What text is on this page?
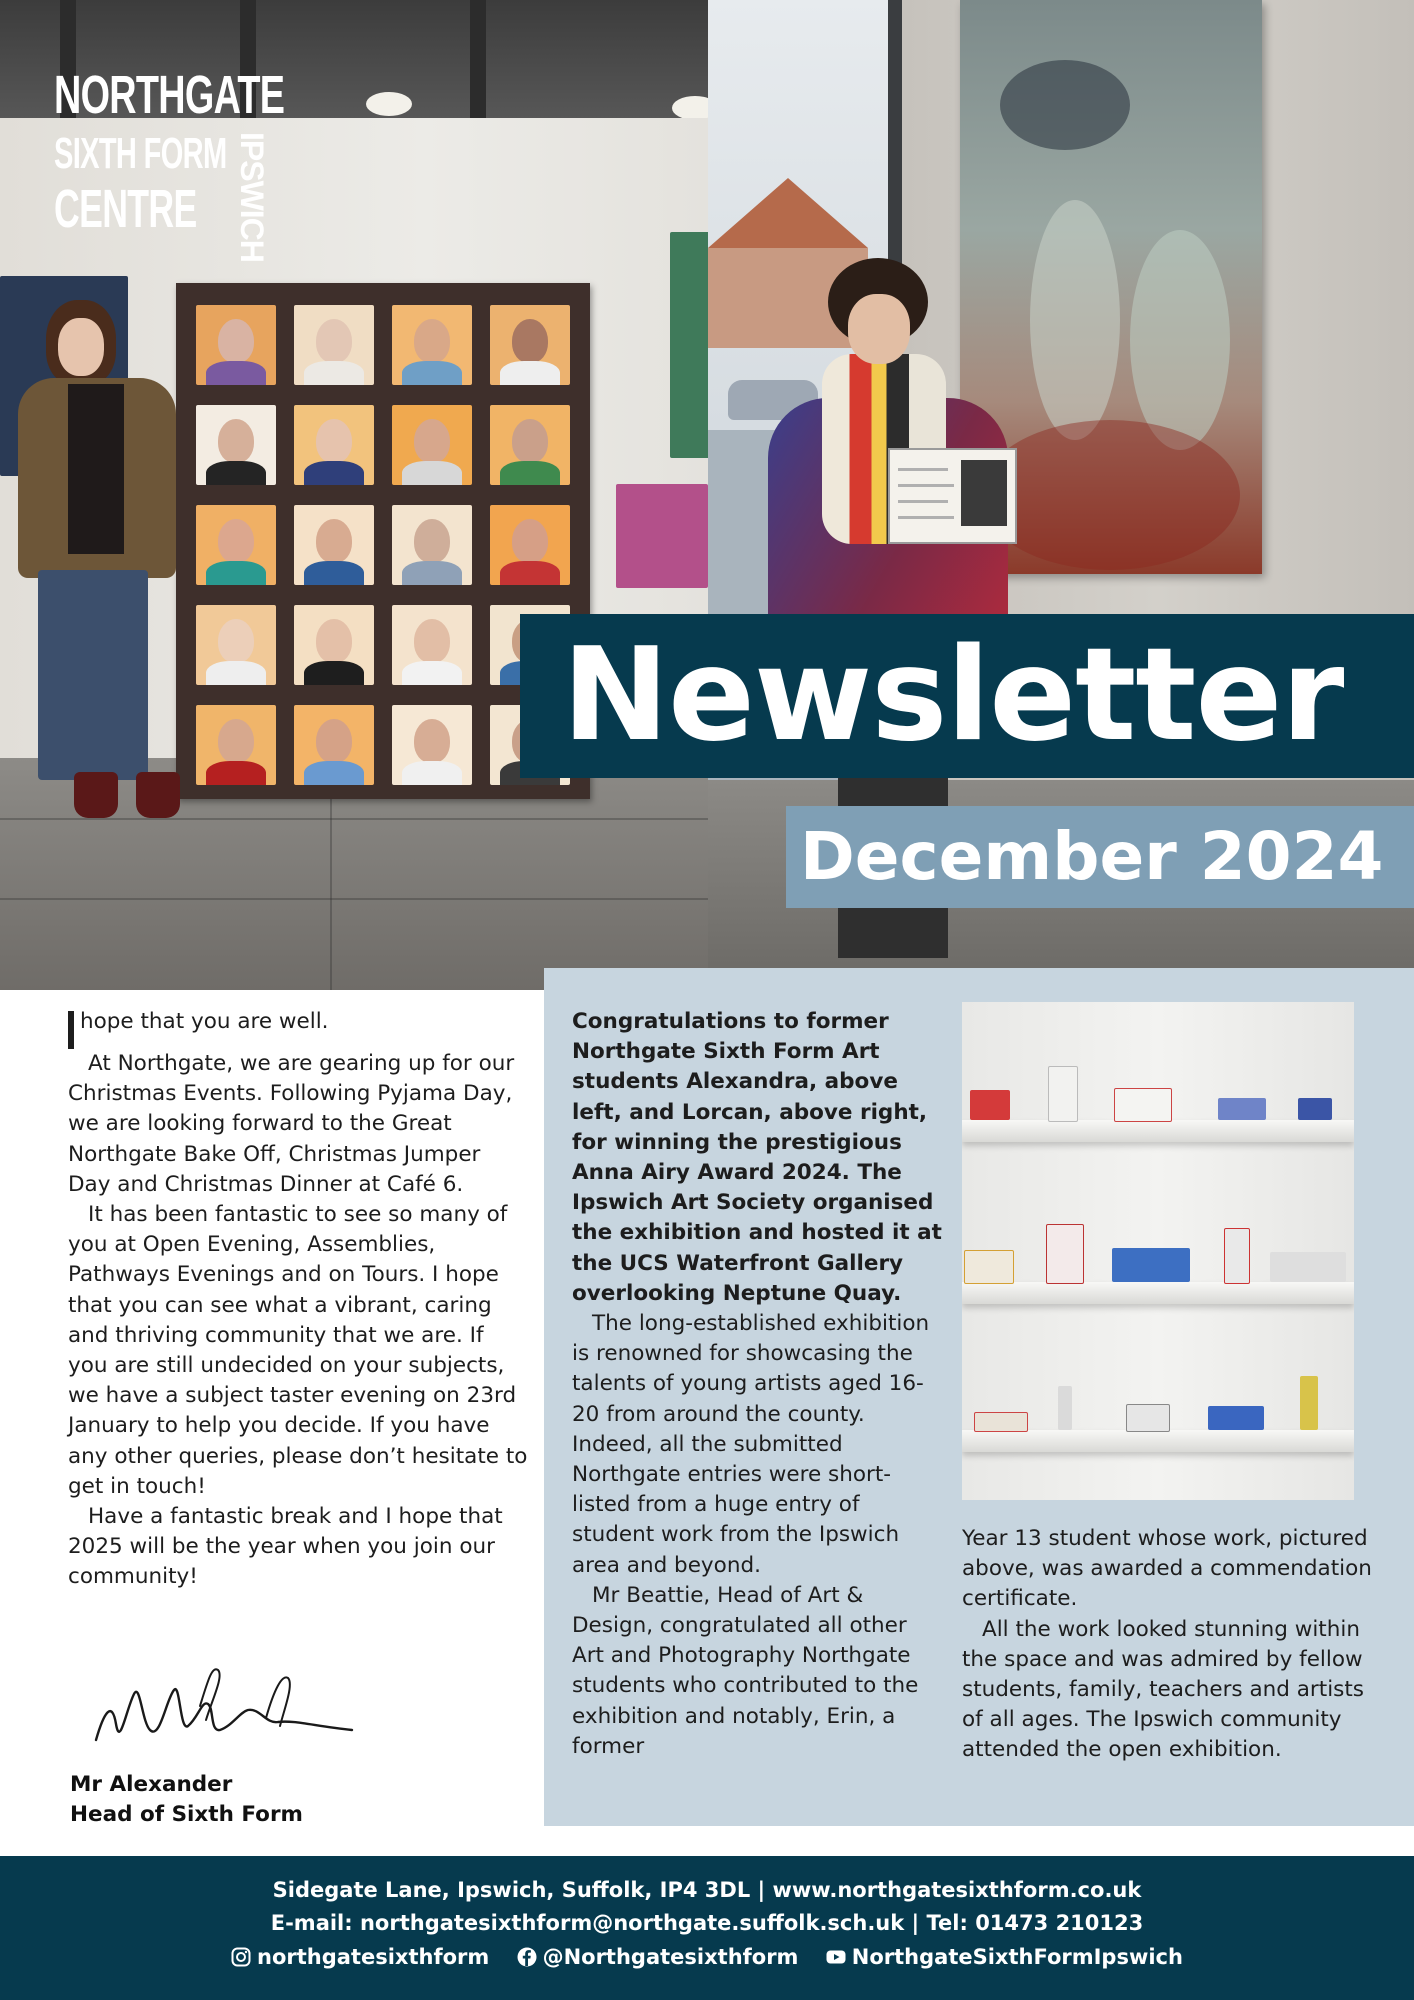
NORTHGATE
SIXTH FORM
CENTRE IPSWICH
Newsletter
December 2024

hope that you are well.

At Northgate, we are gearing up for our Christmas Events. Following Pyjama Day, we are looking forward to the Great Northgate Bake Off, Christmas Jumper Day and Christmas Dinner at Café 6.

It has been fantastic to see so many of you at Open Evening, Assemblies, Pathways Evenings and on Tours. I hope that you can see what a vibrant, caring and thriving community that we are. If you are still undecided on your subjects, we have a subject taster evening on 23rd January to help you decide. If you have any other queries, please don’t hesitate to get in touch!

Have a fantastic break and I hope that 2025 will be the year when you join our community!

Mr Alexander
Head of Sixth Form

Congratulations to former Northgate Sixth Form Art students Alexandra, above left, and Lorcan, above right, for winning the prestigious Anna Airy Award 2024. The Ipswich Art Society organised the exhibition and hosted it at the UCS Waterfront Gallery overlooking Neptune Quay.

The long-established exhibition is renowned for showcasing the talents of young artists aged 16-20 from around the county. Indeed, all the submitted Northgate entries were short-listed from a huge entry of student work from the Ipswich area and beyond.

Mr Beattie, Head of Art & Design, congratulated all other Art and Photography Northgate students who contributed to the exhibition and notably, Erin, a former

Year 13 student whose work, pictured above, was awarded a commendation certificate.

All the work looked stunning within the space and was admired by fellow students, family, teachers and artists of all ages. The Ipswich community attended the open exhibition.

Sidegate Lane, Ipswich, Suffolk, IP4 3DL | www.northgatesixthform.co.uk
E-mail: northgatesixthform@northgate.suffolk.sch.uk | Tel: 01473 210123
northgatesixthform	@Northgatesixthform	NorthgateSixthFormIpswich
